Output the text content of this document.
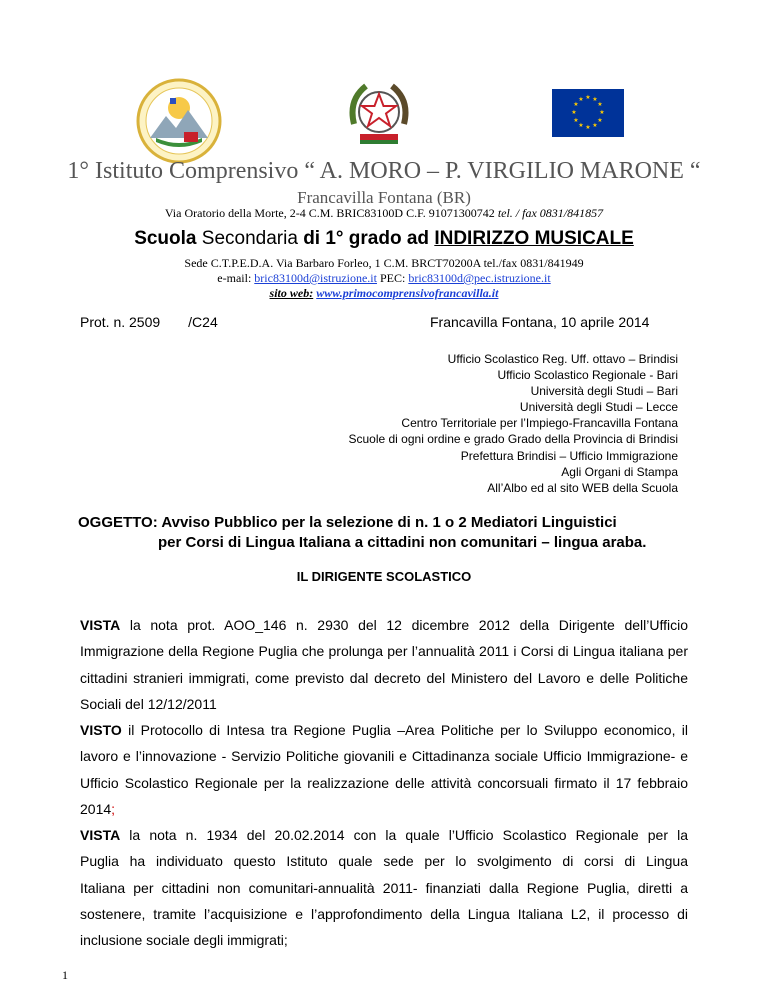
★ ★
★
★
★
★
★
★
★
★
★
★
1° Istituto Comprensivo “ A. MORO – P. VIRGILIO MARONE “
Francavilla Fontana (BR)
Via Oratorio della Morte, 2-4 C.M. BRIC83100D C.F. 91071300742 tel. / fax 0831/841857
Scuola Secondaria di 1° grado ad INDIRIZZO MUSICALE
Sede C.T.P.E.D.A. Via Barbaro Forleo, 1 C.M. BRCT70200A tel./fax 0831/841949
e-mail: bric83100d@istruzione.it PEC: bric83100d@pec.istruzione.it
sito web: www.primocomprensivofrancavilla.it
Prot. n. 2509 /C24	Francavilla Fontana, 10 aprile 2014
Ufficio Scolastico Reg. Uff. ottavo – Brindisi
Ufficio Scolastico Regionale - Bari
Università degli Studi – Bari
Università degli Studi – Lecce
Centro Territoriale per l’Impiego-Francavilla Fontana
Scuole di ogni ordine e grado Grado della Provincia di Brindisi
Prefettura Brindisi – Ufficio Immigrazione
Agli Organi di Stampa
All’Albo ed al sito WEB della Scuola
OGGETTO: Avviso Pubblico per la selezione di n. 1 o 2 Mediatori Linguistici
per Corsi di Lingua Italiana a cittadini non comunitari – lingua araba.
IL DIRIGENTE SCOLASTICO
VISTA la nota prot. AOO_146 n. 2930 del 12 dicembre 2012 della Dirigente dell’Ufficio
Immigrazione della Regione Puglia che prolunga per l’annualità 2011 i Corsi di Lingua italiana per
cittadini stranieri immigrati, come previsto dal decreto del Ministero del Lavoro e delle Politiche
Sociali del 12/12/2011
VISTO il Protocollo di Intesa tra Regione Puglia –Area Politiche per lo Sviluppo economico, il
lavoro e l’innovazione - Servizio Politiche giovanili e Cittadinanza sociale Ufficio Immigrazione- e
Ufficio Scolastico Regionale per la realizzazione delle attività concorsuali firmato il 17 febbraio
2014;
VISTA la nota n. 1934 del 20.02.2014 con la quale l’Ufficio Scolastico Regionale per la
Puglia ha individuato questo Istituto quale sede per lo svolgimento di corsi di Lingua
Italiana per cittadini non comunitari-annualità 2011- finanziati dalla Regione Puglia, diretti a
sostenere, tramite l’acquisizione e l’approfondimento della Lingua Italiana L2, il processo di
inclusione sociale degli immigrati;
1
